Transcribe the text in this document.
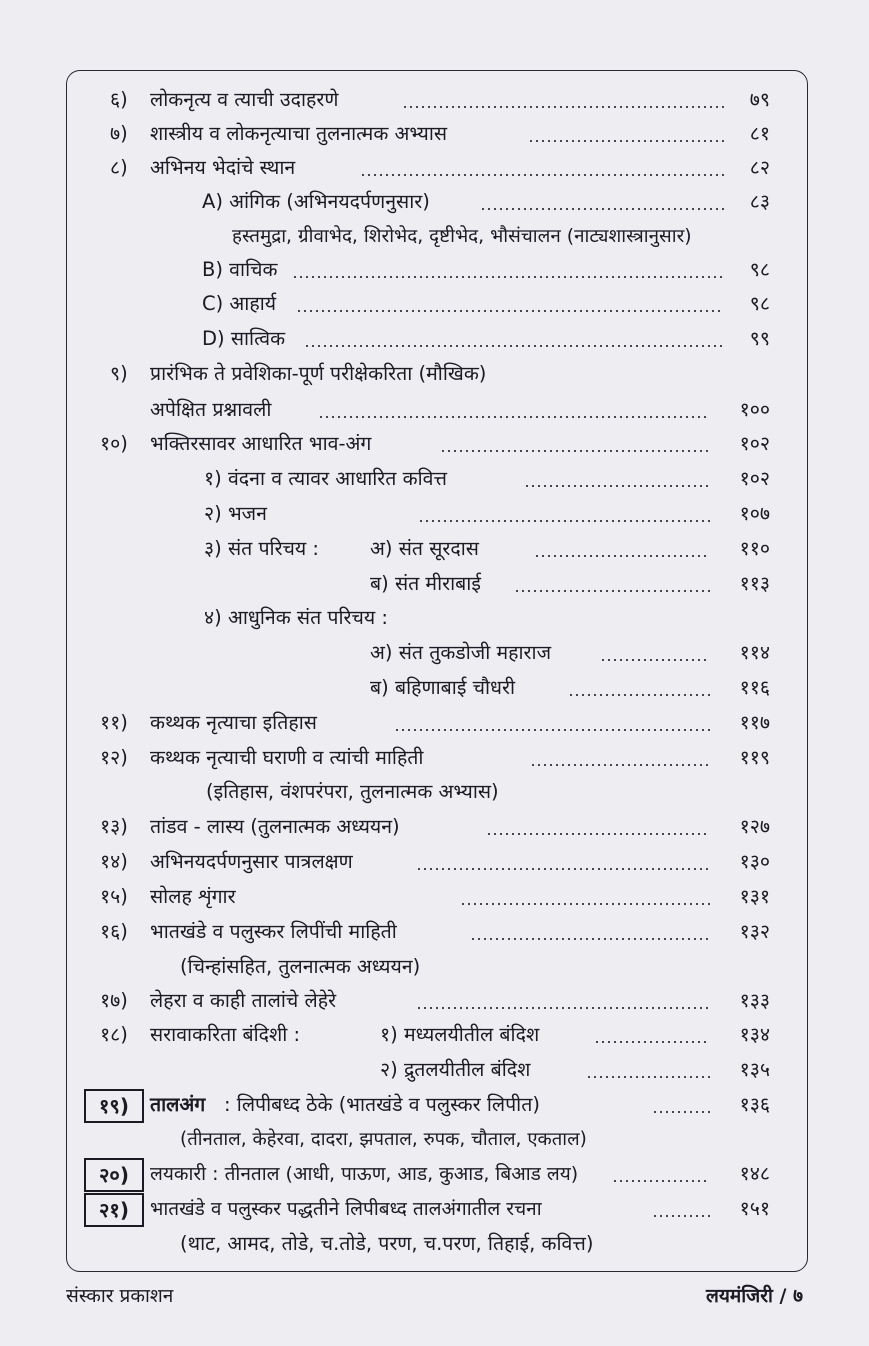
६) लोकनृत्य व त्याची उदाहरणे	७९
७) शास्त्रीय व लोकनृत्याचा तुलनात्मक अभ्यास	८१
८) अभिनय भेदांचे स्थान	८२
A) आंगिक (अभिनयदर्पणनुसार)	८३
हस्तमुद्रा, ग्रीवाभेद, शिरोभेद, दृष्टीभेद, भौसंचालन (नाट्यशास्त्रानुसार)
B) वाचिक	९८
C) आहार्य	९८
D) सात्विक	९९
९) प्रारंभिक ते प्रवेशिका-पूर्ण परीक्षेकरिता (मौखिक)
अपेक्षित प्रश्नावली	१००
१०) भक्तिरसावर आधारित भाव-अंग	१०२
१) वंदना व त्यावर आधारित कवित्त	१०२
२) भजन	१०७
३) संत परिचय :	अ) संत सूरदास	११०
ब) संत मीराबाई	११३
४) आधुनिक संत परिचय :
अ) संत तुकडोजी महाराज	११४
ब) बहिणाबाई चौधरी	११६
११) कथ्थक नृत्याचा इतिहास	११७
१२) कथ्थक नृत्याची घराणी व त्यांची माहिती	११९
(इतिहास, वंशपरंपरा, तुलनात्मक अभ्यास)
१३) तांडव - लास्य (तुलनात्मक अध्ययन)	१२७
१४) अभिनयदर्पणनुसार पात्रलक्षण	१३०
१५) सोलह शृंगार	१३१
१६) भातखंडे व पलुस्कर लिपींची माहिती	१३२
(चिन्हांसहित, तुलनात्मक अध्ययन)
१७) लेहरा व काही तालांचे लेहेरे	१३३
१८) सरावाकरिता बंदिशी :	१) मध्यलयीतील बंदिश	१३४
२) द्रुतलयीतील बंदिश	१३५
१९)	तालअंग : लिपीबध्द ठेके (भातखंडे व पलुस्कर लिपीत)	१३६
(तीनताल, केहेरवा, दादरा, झपताल, रुपक, चौताल, एकताल)
२०)	लयकारी : तीनताल (आधी, पाऊण, आड, कुआड, बिआड लय)	१४८
२१)	भातखंडे व पलुस्कर पद्धतीने लिपीबध्द तालअंगातील रचना	१५१
(थाट, आमद, तोडे, च.तोडे, परण, च.परण, तिहाई, कवित्त)
संस्कार प्रकाशन	लयमंजिरी / ७
